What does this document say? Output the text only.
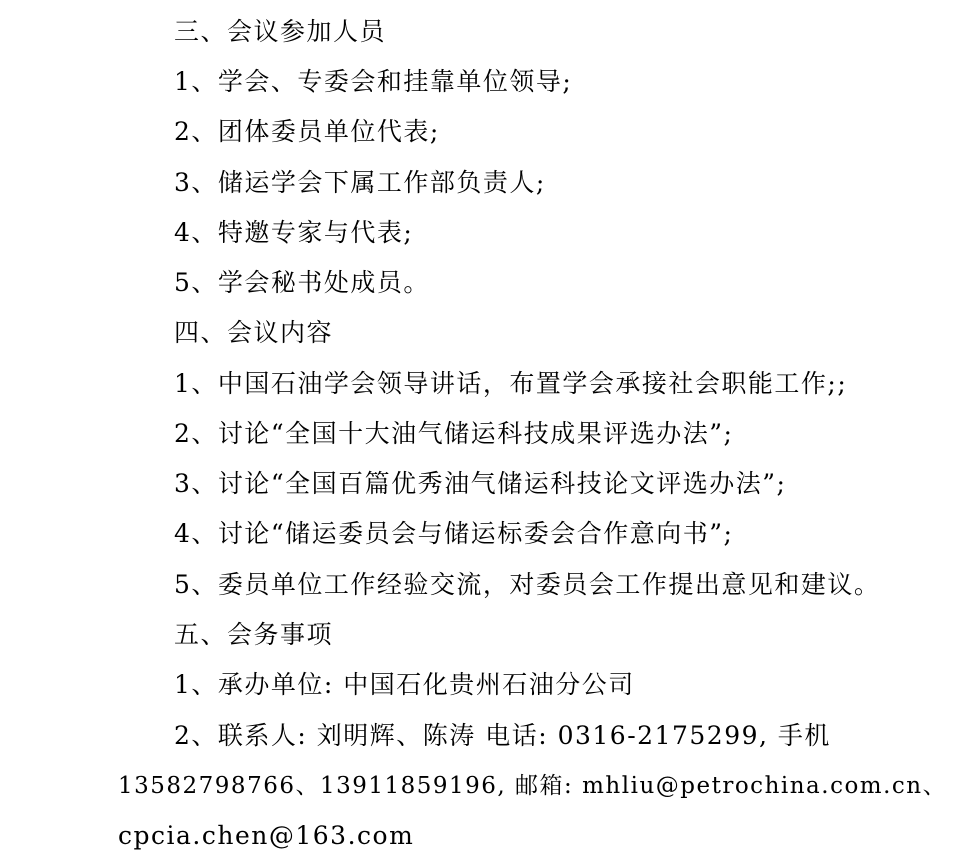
三、会议参加人员
1、学会、专委会和挂靠单位领导;
2、团体委员单位代表;
3、储运学会下属工作部负责人;
4、特邀专家与代表;
5、学会秘书处成员。
四、会议内容
1、中国石油学会领导讲话，布置学会承接社会职能工作;;
2、讨论“全国十大油气储运科技成果评选办法”;
3、讨论“全国百篇优秀油气储运科技论文评选办法”;
4、讨论“储运委员会与储运标委会合作意向书”;
5、委员单位工作经验交流，对委员会工作提出意见和建议。
五、会务事项
1、承办单位: 中国石化贵州石油分公司
2、联系人: 刘明辉、陈涛 电话: 0316-2175299, 手机
13582798766、13911859196, 邮箱: mhliu@petrochina.com.cn、
cpcia.chen@163.com
